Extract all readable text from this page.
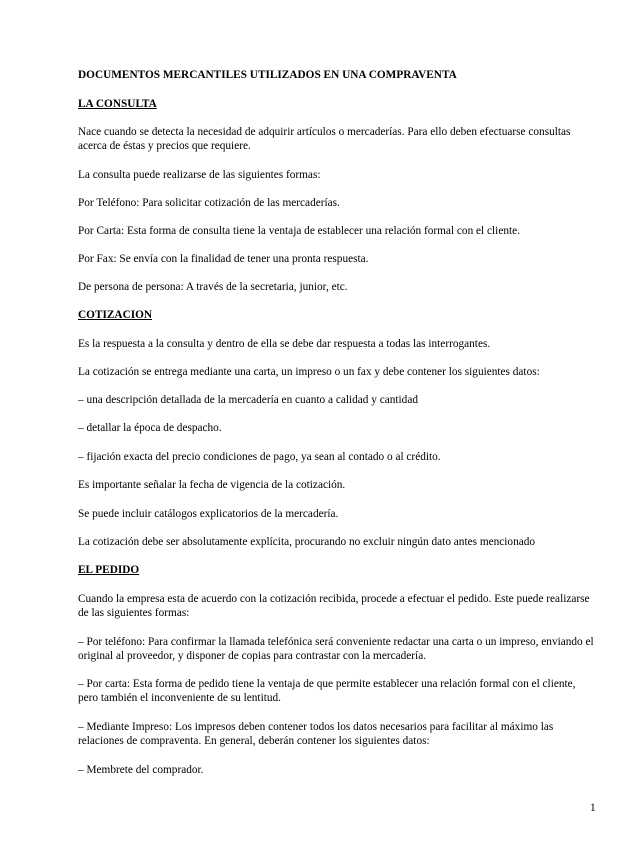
DOCUMENTOS MERCANTILES UTILIZADOS EN UNA COMPRAVENTA
LA CONSULTA

Nace cuando se detecta la necesidad de adquirir artículos o mercaderías. Para ello deben efectuarse consultas acerca de éstas y precios que requiere.

La consulta puede realizarse de las siguientes formas:

Por Teléfono: Para solicitar cotización de las mercaderías.

Por Carta: Esta forma de consulta tiene la ventaja de establecer una relación formal con el cliente.

Por Fax: Se envía con la finalidad de tener una pronta respuesta.

De persona de persona: A través de la secretaria, junior, etc.

COTIZACION

Es la respuesta a la consulta y dentro de ella se debe dar respuesta a todas las interrogantes.

La cotización se entrega mediante una carta, un impreso o un fax y debe contener los siguientes datos:

– una descripción detallada de la mercadería en cuanto a calidad y cantidad

– detallar la época de despacho.

– fijación exacta del precio condiciones de pago, ya sean al contado o al crédito.

Es importante señalar la fecha de vigencia de la cotización.

Se puede incluir catálogos explicatorios de la mercadería.

La cotización debe ser absolutamente explícita, procurando no excluir ningún dato antes mencionado

EL PEDIDO

Cuando la empresa esta de acuerdo con la cotización recibida, procede a efectuar el pedido. Este puede realizarse de las siguientes formas:

– Por teléfono: Para confirmar la llamada telefónica será conveniente redactar una carta o un impreso, enviando el original al proveedor, y disponer de copias para contrastar con la mercadería.

– Por carta: Esta forma de pedido tiene la ventaja de que permite establecer una relación formal con el cliente, pero también el inconveniente de su lentitud.

– Mediante Impreso: Los impresos deben contener todos los datos necesarios para facilitar al máximo las relaciones de compraventa. En general, deberán contener los siguientes datos:

– Membrete del comprador.

1
